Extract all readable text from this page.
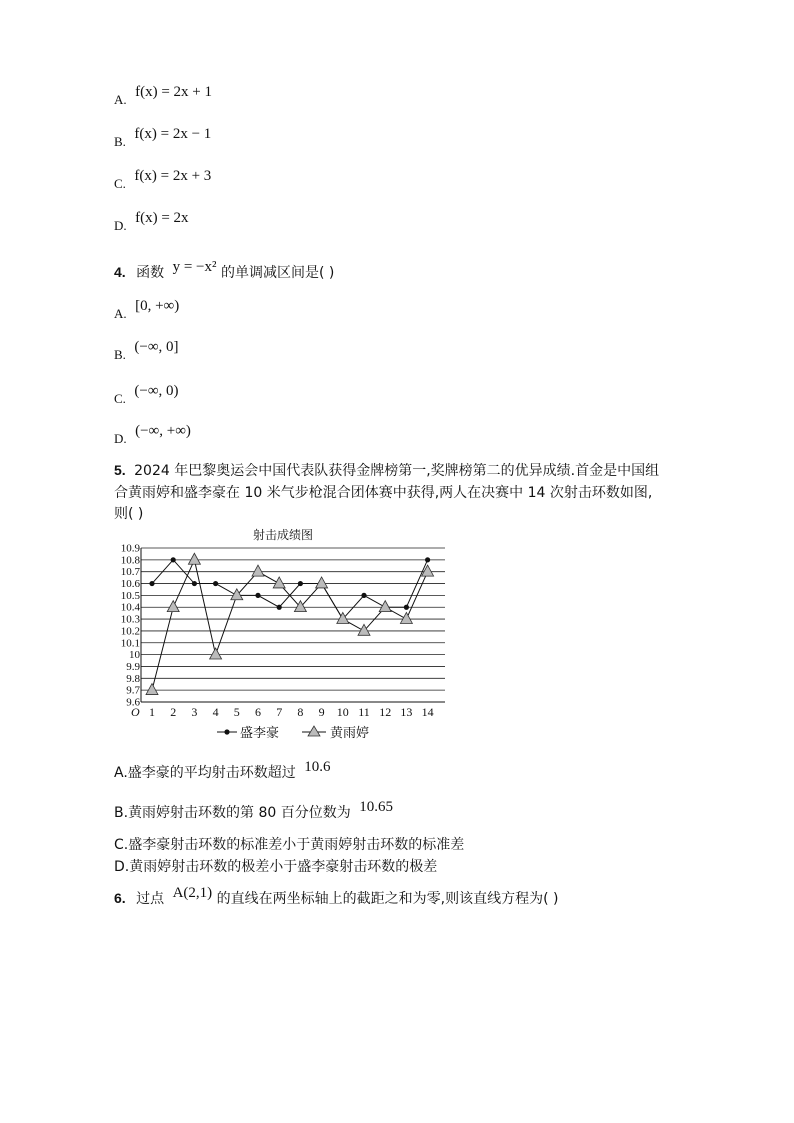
A. f(x) = 2x + 1
B. f(x) = 2x − 1
C. f(x) = 2x + 3
D. f(x) = 2x
4. 函数 y = −x² 的单调减区间是( )
A. [0, +∞)
B. (−∞, 0]
C. (−∞, 0)
D. (−∞, +∞)
5. 2024 年巴黎奥运会中国代表队获得金牌榜第一,奖牌榜第二的优异成绩.首金是中国组
合黄雨婷和盛李豪在 10 米气步枪混合团体赛中获得,两人在决赛中 14 次射击环数如图,
则( )
射击成绩图
9.6
9.7
9.8
9.9
10
10.1
10.2
10.3
10.4
10.5
10.6
10.7
10.8
10.9
O 1 2 3 4 5 6 7 8 9 10 11 12 13 14
盛李豪	黄雨婷
A.盛李豪的平均射击环数超过 10.6
B.黄雨婷射击环数的第 80 百分位数为 10.65
C.盛李豪射击环数的标准差小于黄雨婷射击环数的标准差
D.黄雨婷射击环数的极差小于盛李豪射击环数的极差
6. 过点 A(2,1) 的直线在两坐标轴上的截距之和为零,则该直线方程为( )
